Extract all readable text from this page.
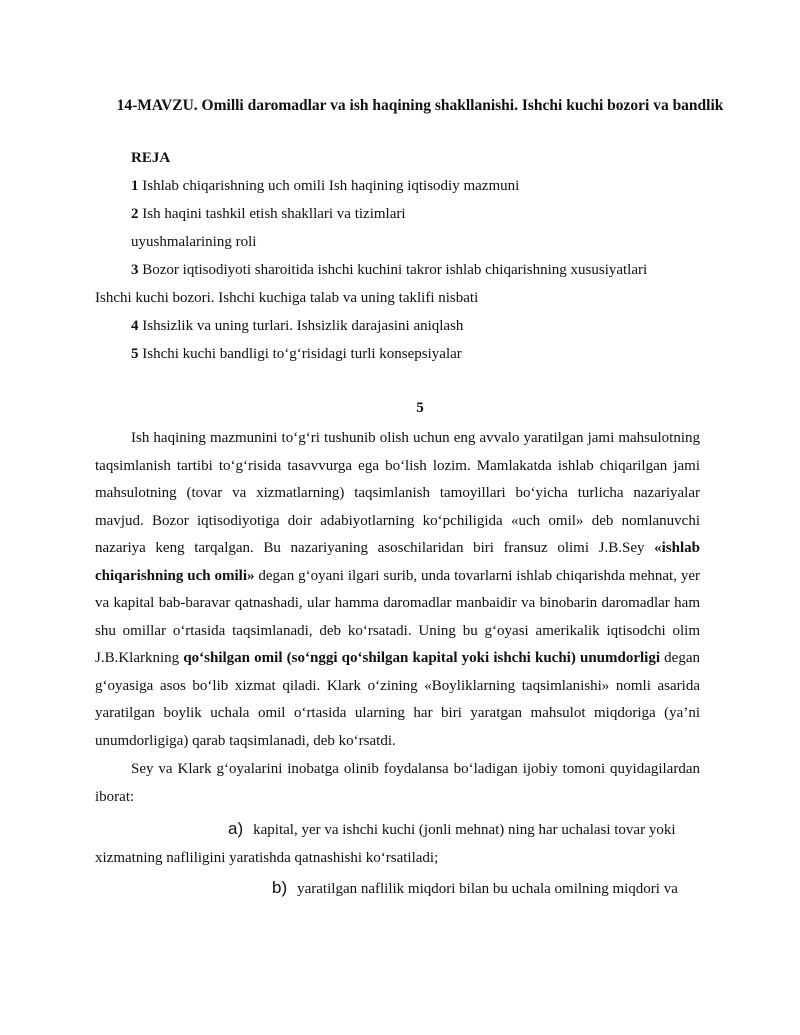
14-MAVZU. Omilli daromadlar va ish haqining shakllanishi. Ishchi kuchi bozori va bandlik
REJA
1 Ishlab chiqarishning uch omili Ish haqining iqtisodiy mazmuni
2 Ish haqini tashkil etish shakllari va tizimlari
uyushmalarining roli
3 Bozor iqtisodiyoti sharoitida ishchi kuchini takror ishlab chiqarishning xususiyatlari
Ishchi kuchi bozori. Ishchi kuchiga talab va uning taklifi nisbati
4 Ishsizlik va uning turlari. Ishsizlik darajasini aniqlash
5 Ishchi kuchi bandligi to‘g‘risidagi turli konsepsiyalar
5

Ish haqining mazmunini to‘g‘ri tushunib olish uchun eng avvalo yaratilgan jami mahsulotning taqsimlanish tartibi to‘g‘risida tasavvurga ega bo‘lish lozim. Mamlakatda ishlab chiqarilgan jami mahsulotning (tovar va xizmatlarning) taqsimlanish tamoyillari bo‘yicha turlicha nazariyalar mavjud. Bozor iqtisodiyotiga doir adabiyotlarning ko‘pchiligida «uch omil» deb nomlanuvchi nazariya keng tarqalgan. Bu nazariyaning asoschilaridan biri fransuz olimi J.B.Sey «ishlab chiqarishning uch omili» degan g‘oyani ilgari surib, unda tovarlarni ishlab chiqarishda mehnat, yer va kapital bab-baravar qatnashadi, ular hamma daromadlar manbaidir va binobarin daromadlar ham shu omillar o‘rtasida taqsimlanadi, deb ko‘rsatadi. Uning bu g‘oyasi amerikalik iqtisodchi olim J.B.Klarkning qo‘shilgan omil (so‘nggi qo‘shilgan kapital yoki ishchi kuchi) unumdorligi degan g‘oyasiga asos bo‘lib xizmat qiladi. Klark o‘zining «Boyliklarning taqsimlanishi» nomli asarida yaratilgan boylik uchala omil o‘rtasida ularning har biri yaratgan mahsulot miqdoriga (ya’ni unumdorligiga) qarab taqsimlanadi, deb ko‘rsatdi.

Sey va Klark g‘oyalarini inobatga olinib foydalansa bo‘ladigan ijobiy tomoni quyidagilardan iborat:

a) kapital, yer va ishchi kuchi (jonli mehnat) ning har uchalasi tovar yoki xizmatning nafliligini yaratishda qatnashishi ko‘rsatiladi;

b) yaratilgan naflilik miqdori bilan bu uchala omilning miqdori va
